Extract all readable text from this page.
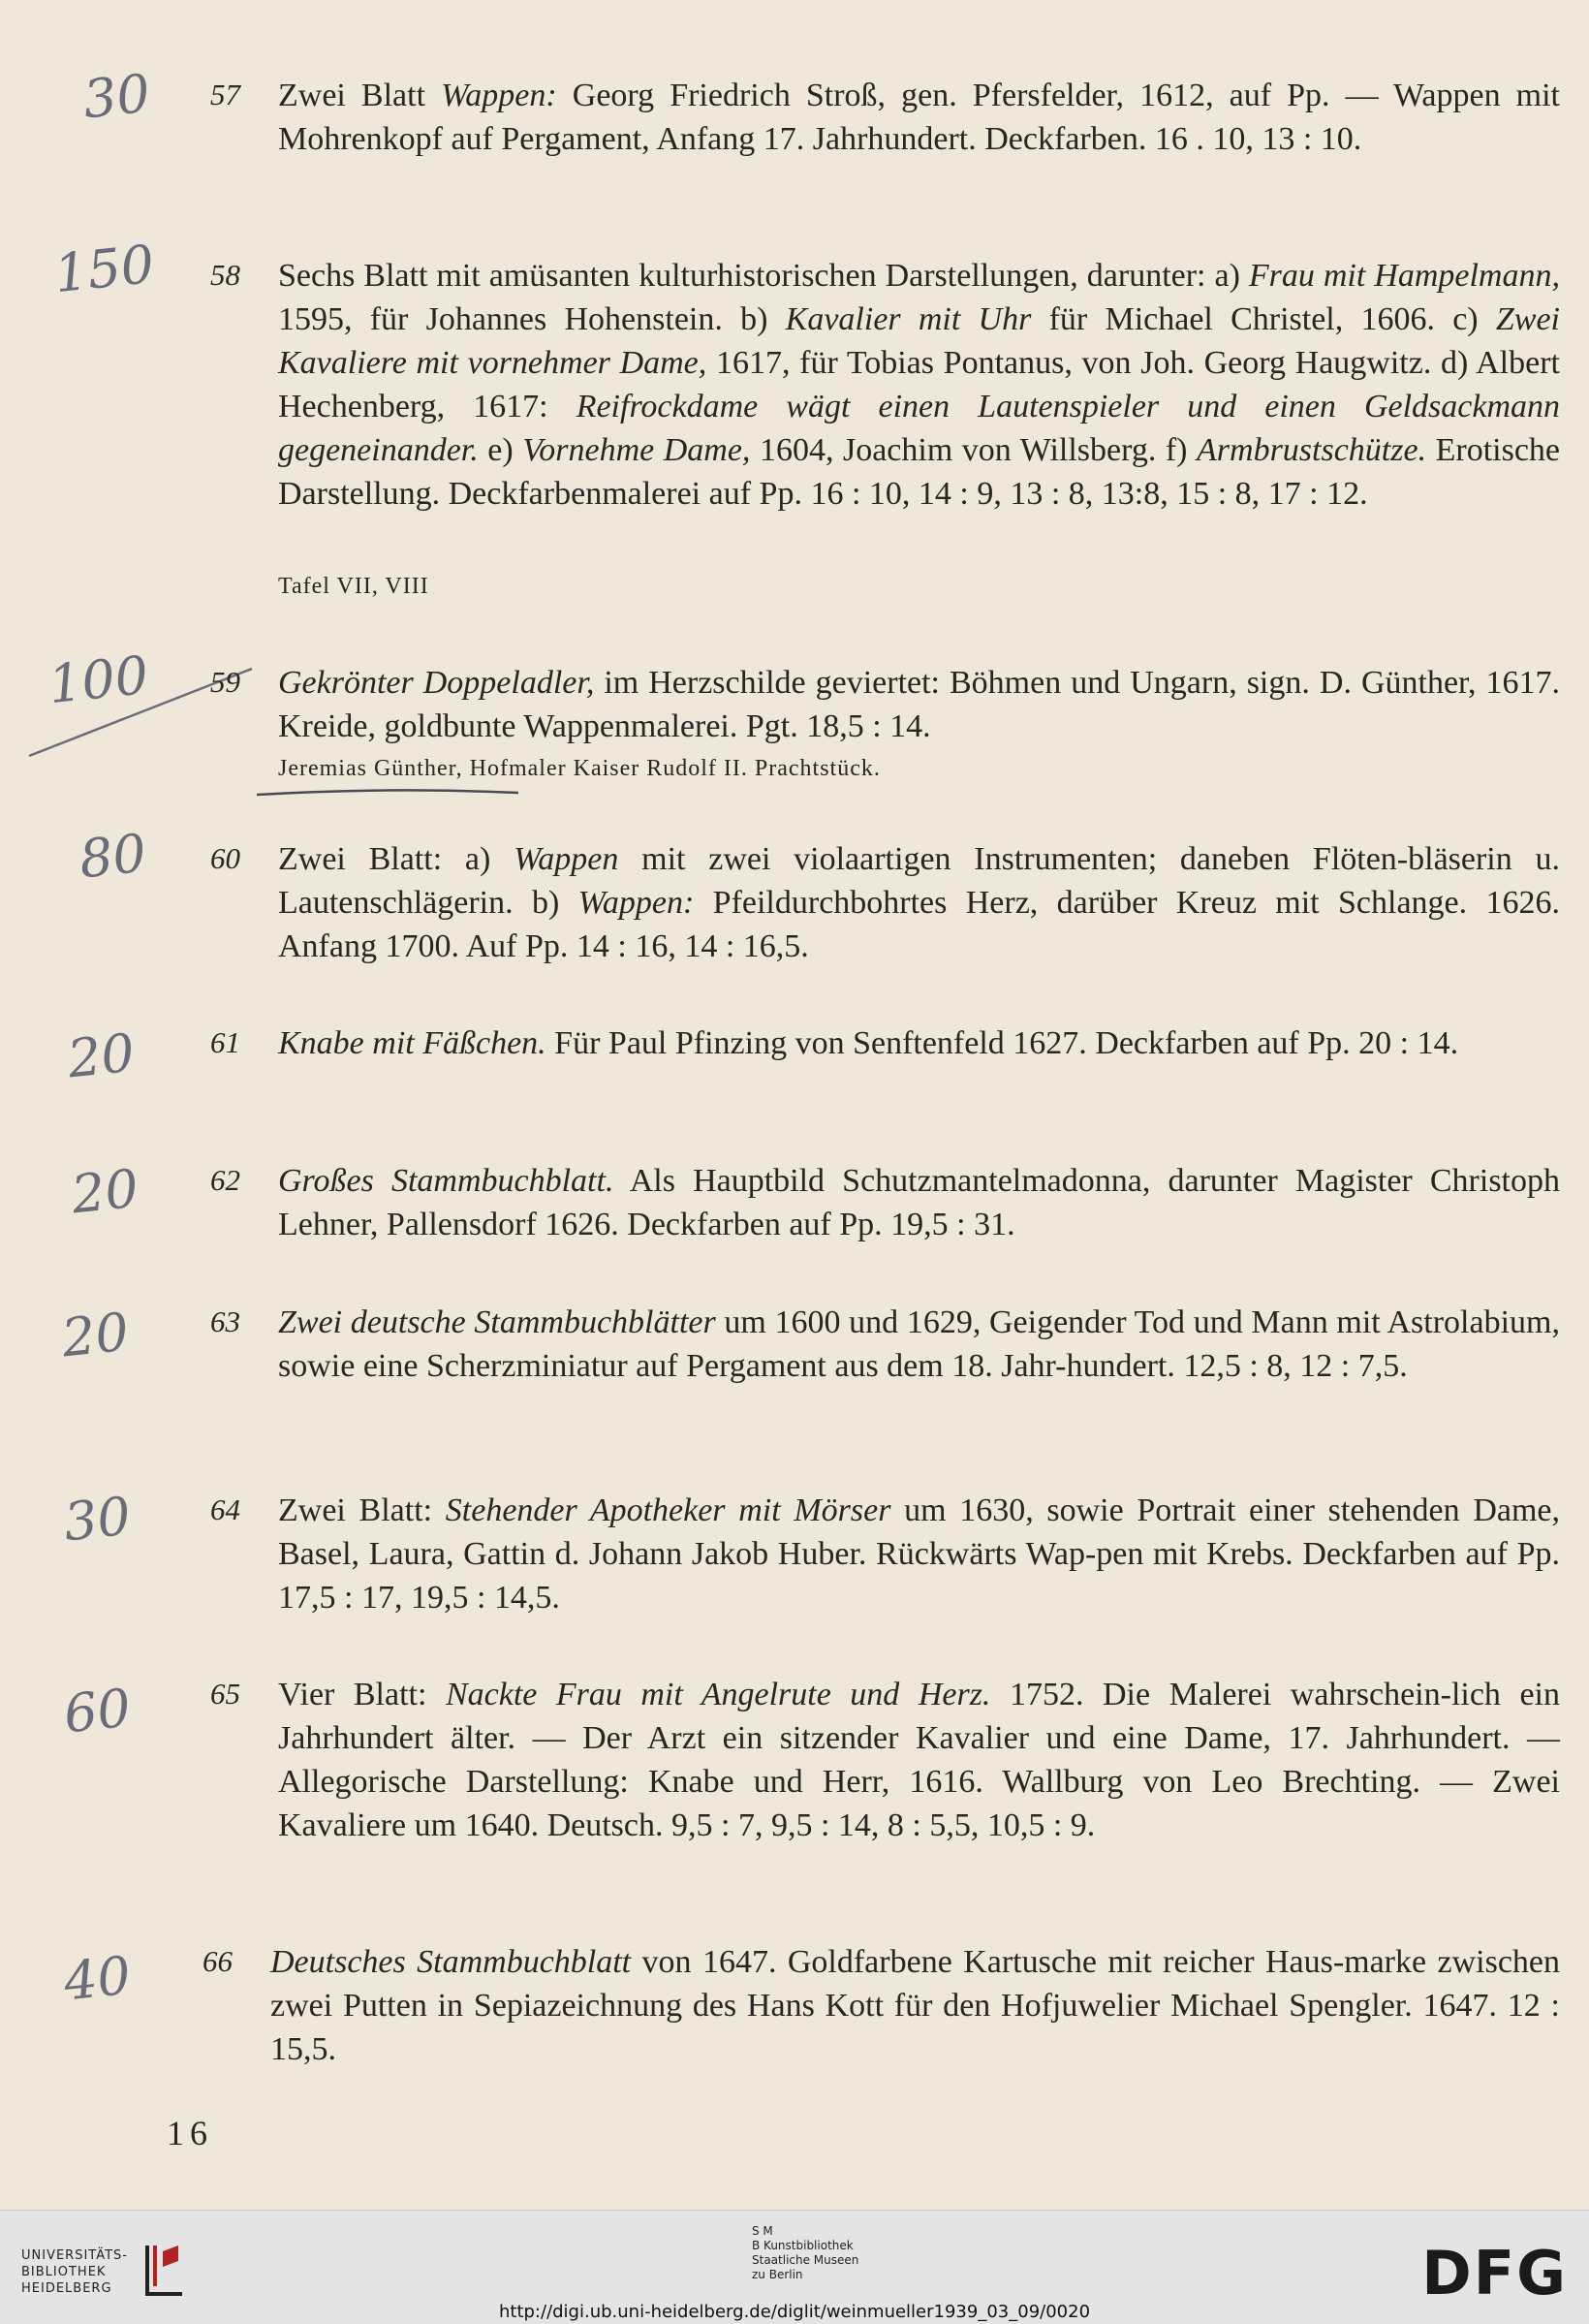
30	57 Zwei Blatt Wappen: Georg Friedrich Stroß, gen. Pfersfelder, 1612, auf Pp. — Wappen mit Mohrenkopf auf Pergament, Anfang 17. Jahrhundert. Deckfarben. 16 . 10, 13 : 10.
150	58 Sechs Blatt mit amüsanten kulturhistorischen Darstellungen, darunter: a) Frau mit Hampelmann, 1595, für Johannes Hohenstein. b) Kavalier mit Uhr für Michael Christel, 1606. c) Zwei Kavaliere mit vornehmer Dame, 1617, für Tobias Pontanus, von Joh. Georg Haugwitz. d) Albert Hechenberg, 1617: Reifrockdame wägt einen Lautenspieler und einen Geldsackmann gegeneinander. e) Vornehme Dame, 1604, Joachim von Willsberg. f) Armbrustschütze. Erotische Darstellung. Deckfarbenmalerei auf Pp. 16 : 10, 14 : 9, 13 : 8, 13:8, 15 : 8, 17 : 12.
Tafel VII, VIII
100	59 Gekrönter Doppeladler, im Herzschilde geviertet: Böhmen und Ungarn, sign. D. Günther, 1617. Kreide, goldbunte Wappenmalerei. Pgt. 18,5 : 14.
Jeremias Günther, Hofmaler Kaiser Rudolf II. Prachtstück.
80	60 Zwei Blatt: a) Wappen mit zwei violaartigen Instrumenten; daneben Flöten-bläserin u. Lautenschlägerin. b) Wappen: Pfeildurchbohrtes Herz, darüber Kreuz mit Schlange. 1626. Anfang 1700. Auf Pp. 14 : 16, 14 : 16,5.
20	61 Knabe mit Fäßchen. Für Paul Pfinzing von Senftenfeld 1627. Deckfarben auf Pp. 20 : 14.
20	62 Großes Stammbuchblatt. Als Hauptbild Schutzmantelmadonna, darunter Magister Christoph Lehner, Pallensdorf 1626. Deckfarben auf Pp. 19,5 : 31.
20	63 Zwei deutsche Stammbuchblätter um 1600 und 1629, Geigender Tod und Mann mit Astrolabium, sowie eine Scherzminiatur auf Pergament aus dem 18. Jahr-hundert. 12,5 : 8, 12 : 7,5.
30	64 Zwei Blatt: Stehender Apotheker mit Mörser um 1630, sowie Portrait einer stehenden Dame, Basel, Laura, Gattin d. Johann Jakob Huber. Rückwärts Wap-pen mit Krebs. Deckfarben auf Pp. 17,5 : 17, 19,5 : 14,5.
60	65 Vier Blatt: Nackte Frau mit Angelrute und Herz. 1752. Die Malerei wahrschein-lich ein Jahrhundert älter. — Der Arzt ein sitzender Kavalier und eine Dame, 17. Jahrhundert. — Allegorische Darstellung: Knabe und Herr, 1616. Wallburg von Leo Brechting. — Zwei Kavaliere um 1640. Deutsch. 9,5 : 7, 9,5 : 14, 8 : 5,5, 10,5 : 9.
40	66 Deutsches Stammbuchblatt von 1647. Goldfarbene Kartusche mit reicher Haus-marke zwischen zwei Putten in Sepiazeichnung des Hans Kott für den Hofjuwelier Michael Spengler. 1647. 12 : 15,5.
16
UNIVERSITÄTS-
BIBLIOTHEK
HEIDELBERG
S M
B Kunstbibliothek
Staatliche Museen
zu Berlin	DFG
http://digi.ub.uni-heidelberg.de/diglit/weinmueller1939_03_09/0020
